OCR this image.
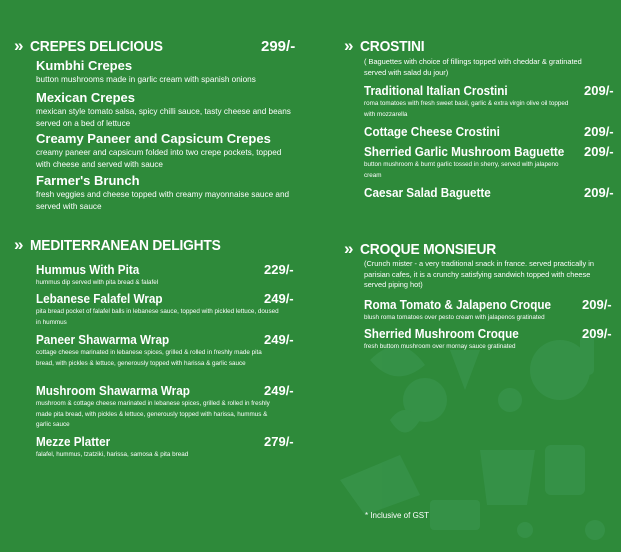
» CREPES DELICIOUS	299/-
Kumbhi Crepes
button mushrooms made in garlic cream with spanish onions
Mexican Crepes
mexican style tomato salsa, spicy chilli sauce, tasty cheese and beans served on a bed of lettuce
Creamy Paneer and Capsicum Crepes
creamy paneer and capsicum folded into two crepe pockets, topped with cheese and served with sauce
Farmer's Brunch
fresh veggies and cheese topped with creamy mayonnaise sauce and served with sauce
» MEDITERRANEAN DELIGHTS
Hummus With Pita	229/-
hummus dip served with pita bread & falafel
Lebanese Falafel Wrap	249/-
pita bread pocket of falafel balls in lebanese sauce, topped with pickled lettuce, doused in hummus
Paneer Shawarma Wrap	249/-
cottage cheese marinated in lebanese spices, grilled & rolled in freshly made pita bread, with pickles & lettuce, generously topped with harissa & garlic sauce
Mushroom Shawarma Wrap	249/-
mushroom & cottage cheese marinated in lebanese spices, grilled & rolled in freshly made pita bread, with pickles & lettuce, generously topped with harissa, hummus & garlic sauce
Mezze Platter	279/-
falafel, hummus, tzatziki, harissa, samosa & pita bread
» CROSTINI
( Baguettes with choice of fillings topped with cheddar & gratinated served with salad du jour)
Traditional Italian Crostini	209/-
roma tomatoes with fresh sweet basil, garlic & extra virgin olive oil topped with mozzarella
Cottage Cheese Crostini	209/-
Sherried Garlic Mushroom Baguette	209/-
button mushroom & burnt garlic tossed in sherry, served with jalapeno cream
Caesar Salad Baguette	209/-
» CROQUE MONSIEUR
(Crunch mister - a very traditional snack in france. served practically in parisian cafes, it is a crunchy satisfying sandwich topped with cheese served piping hot)
Roma Tomato & Jalapeno Croque	209/-
blush roma tomatoes over pesto cream with jalapenos gratinated
Sherried Mushroom Croque	209/-
fresh buttom mushroom over mornay sauce gratinated
* Inclusive of GST
